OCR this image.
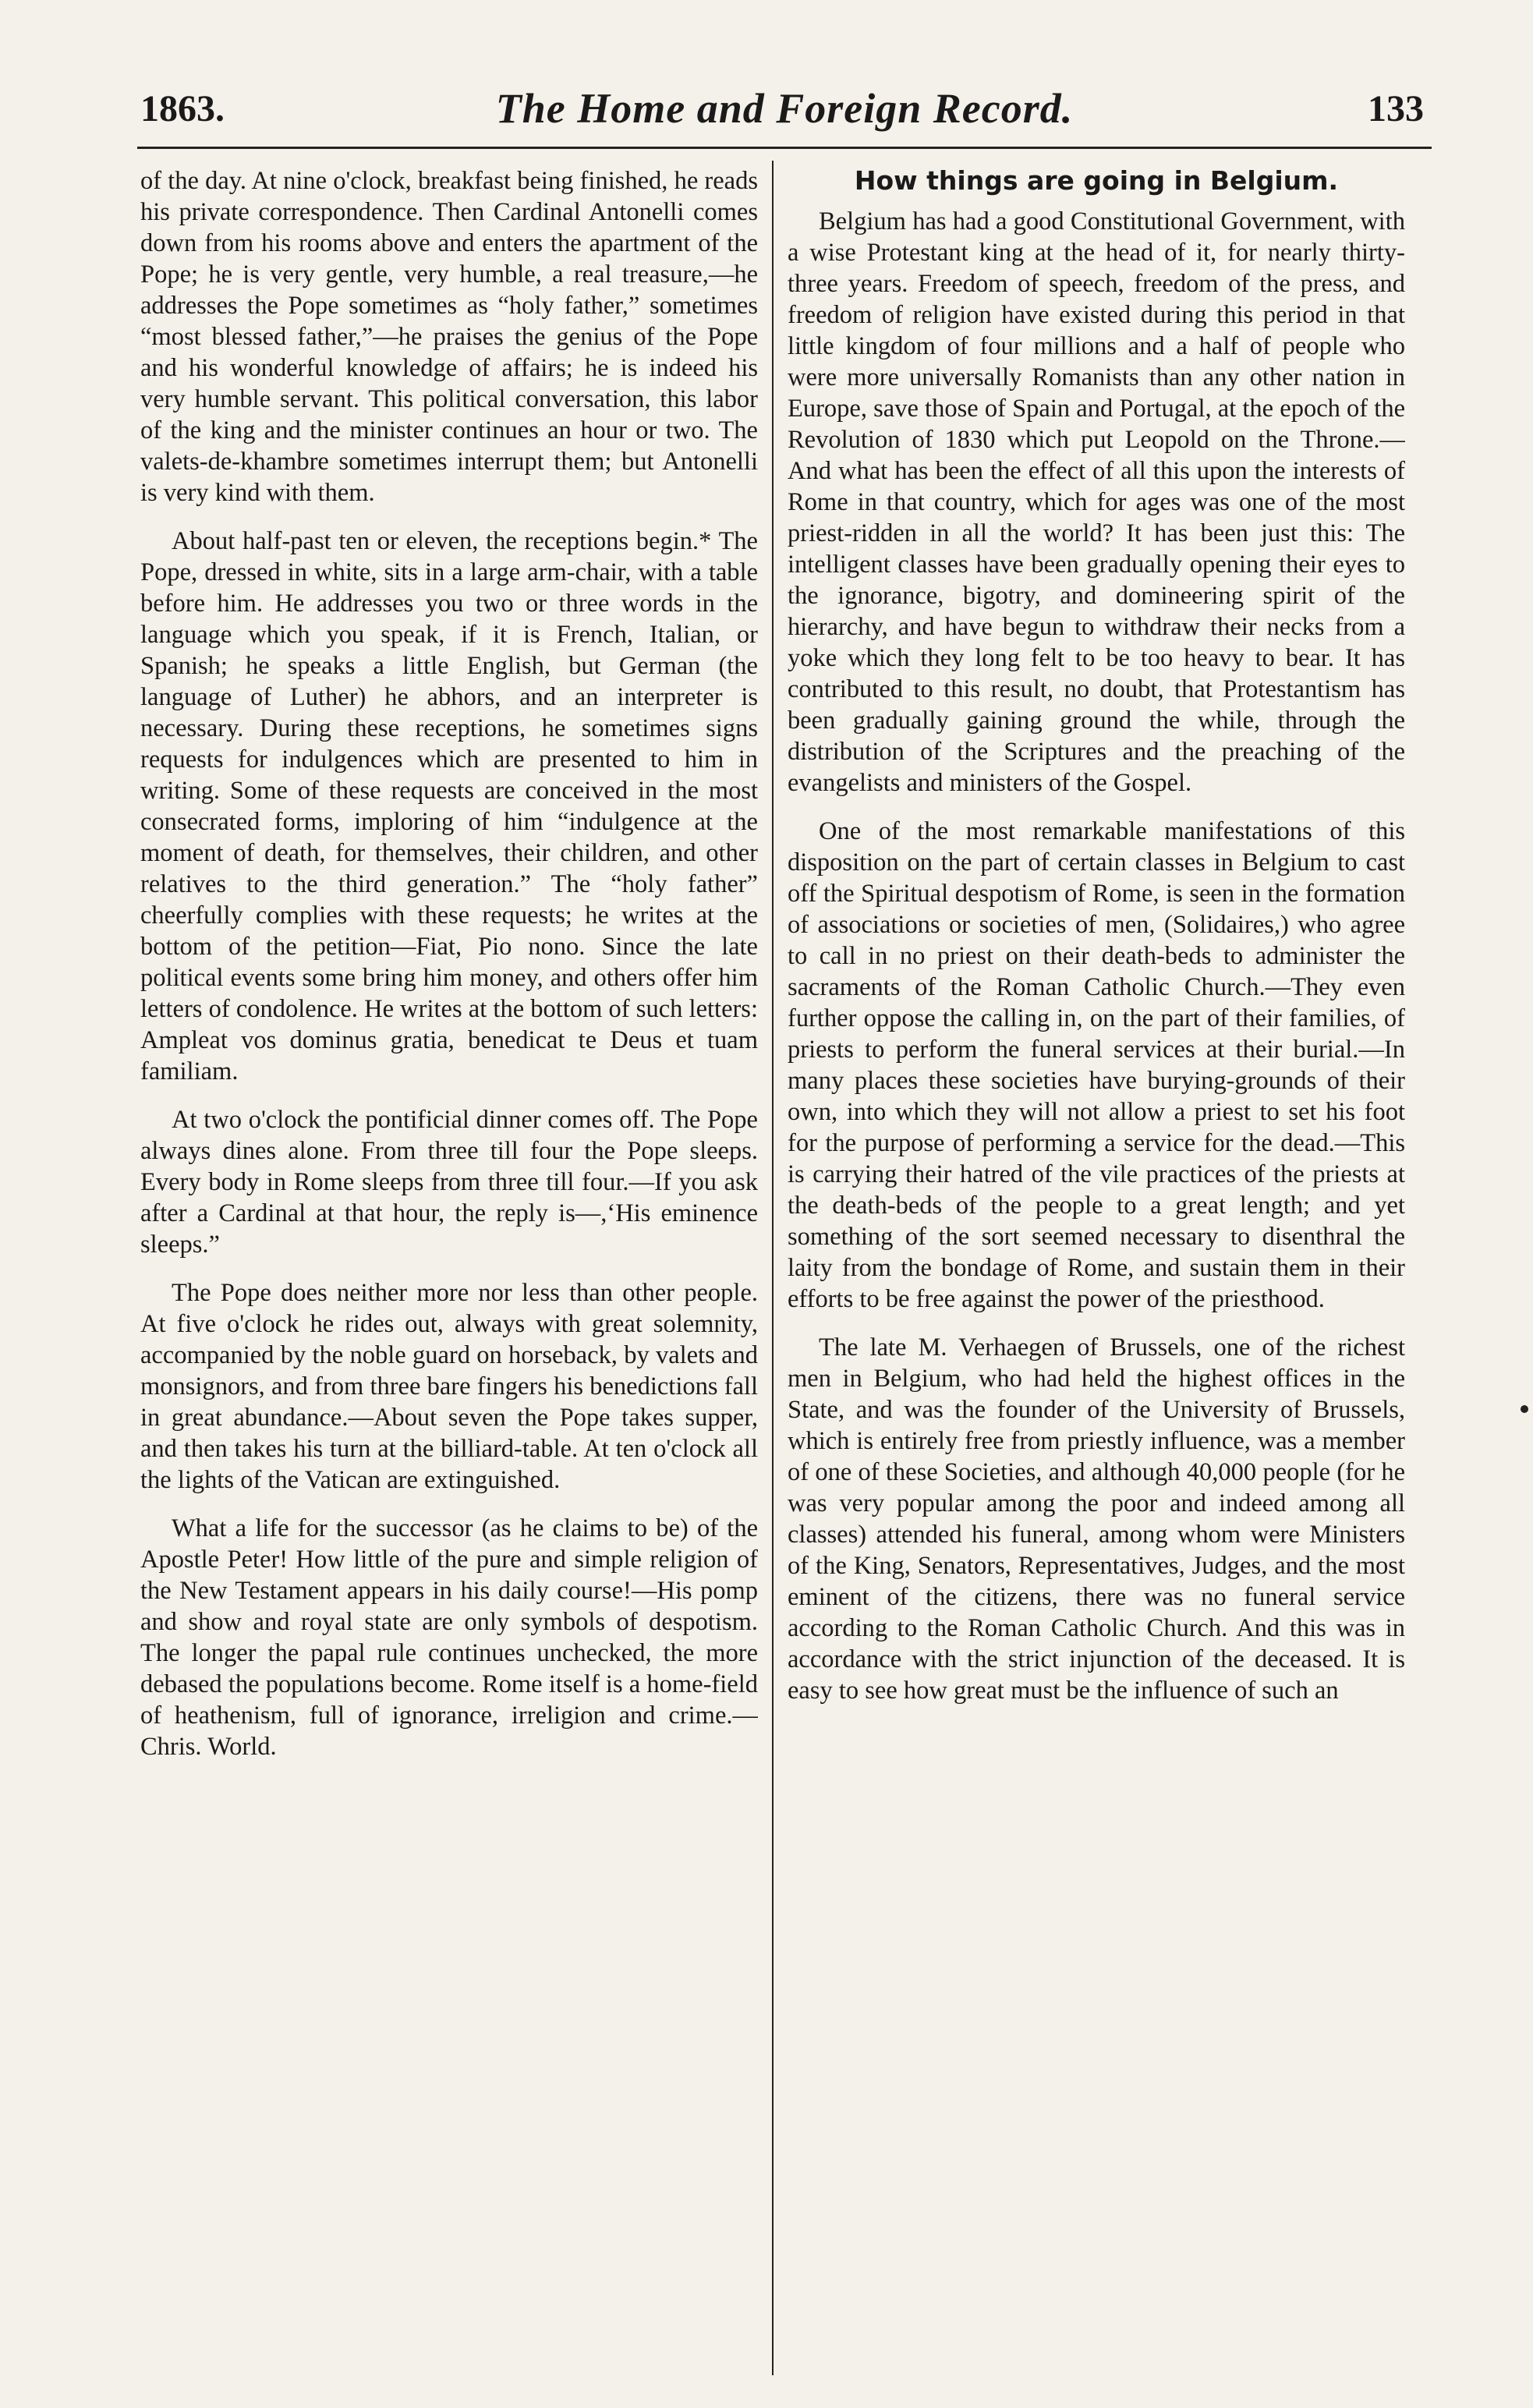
1863.	The Home and Foreign Record.	133

of the day. At nine o'clock, breakfast being finished, he reads his private correspondence. Then Cardinal Antonelli comes down from his rooms above and enters the apartment of the Pope; he is very gentle, very humble, a real treasure,—he addresses the Pope sometimes as “holy father,” sometimes “most blessed father,”—he praises the genius of the Pope and his wonderful knowledge of affairs; he is indeed his very humble servant. This political conversation, this labor of the king and the minister continues an hour or two. The valets-de-khambre sometimes interrupt them; but Antonelli is very kind with them.

About half-past ten or eleven, the receptions begin.* The Pope, dressed in white, sits in a large arm-chair, with a table before him. He addresses you two or three words in the language which you speak, if it is French, Italian, or Spanish; he speaks a little English, but German (the language of Luther) he abhors, and an interpreter is necessary. During these receptions, he sometimes signs requests for indulgences which are presented to him in writing. Some of these requests are conceived in the most consecrated forms, imploring of him “indulgence at the moment of death, for themselves, their children, and other relatives to the third generation.” The “holy father” cheerfully complies with these requests; he writes at the bottom of the petition—Fiat, Pio nono. Since the late political events some bring him money, and others offer him letters of condolence. He writes at the bottom of such letters: Ampleat vos dominus gratia, benedicat te Deus et tuam familiam.

At two o'clock the pontificial dinner comes off. The Pope always dines alone. From three till four the Pope sleeps. Every body in Rome sleeps from three till four.—If you ask after a Cardinal at that hour, the reply is—,‘His eminence sleeps.”

The Pope does neither more nor less than other people. At five o'clock he rides out, always with great solemnity, accompanied by the noble guard on horseback, by valets and monsignors, and from three bare fingers his benedictions fall in great abundance.—About seven the Pope takes supper, and then takes his turn at the billiard-table. At ten o'clock all the lights of the Vatican are extinguished.

What a life for the successor (as he claims to be) of the Apostle Peter! How little of the pure and simple religion of the New Testament appears in his daily course!—His pomp and show and royal state are only symbols of despotism. The longer the papal rule continues unchecked, the more debased the populations become. Rome itself is a home-field of heathenism, full of ignorance, irreligion and crime.—Chris. World.

How things are going in Belgium.

Belgium has had a good Constitutional Government, with a wise Protestant king at the head of it, for nearly thirty-three years. Freedom of speech, freedom of the press, and freedom of religion have existed during this period in that little kingdom of four millions and a half of people who were more universally Romanists than any other nation in Europe, save those of Spain and Portugal, at the epoch of the Revolution of 1830 which put Leopold on the Throne.—And what has been the effect of all this upon the interests of Rome in that country, which for ages was one of the most priest-ridden in all the world? It has been just this: The intelligent classes have been gradually opening their eyes to the ignorance, bigotry, and domineering spirit of the hierarchy, and have begun to withdraw their necks from a yoke which they long felt to be too heavy to bear. It has contributed to this result, no doubt, that Protestantism has been gradually gaining ground the while, through the distribution of the Scriptures and the preaching of the evangelists and ministers of the Gospel.

One of the most remarkable manifestations of this disposition on the part of certain classes in Belgium to cast off the Spiritual despotism of Rome, is seen in the formation of associations or societies of men, (Solidaires,) who agree to call in no priest on their death-beds to administer the sacraments of the Roman Catholic Church.—They even further oppose the calling in, on the part of their families, of priests to perform the funeral services at their burial.—In many places these societies have burying-grounds of their own, into which they will not allow a priest to set his foot for the purpose of performing a service for the dead.—This is carrying their hatred of the vile practices of the priests at the death-beds of the people to a great length; and yet something of the sort seemed necessary to disenthral the laity from the bondage of Rome, and sustain them in their efforts to be free against the power of the priesthood.

The late M. Verhaegen of Brussels, one of the richest men in Belgium, who had held the highest offices in the State, and was the founder of the University of Brussels, which is entirely free from priestly influence, was a member of one of these Societies, and although 40,000 people (for he was very popular among the poor and indeed among all classes) attended his funeral, among whom were Ministers of the King, Senators, Representatives, Judges, and the most eminent of the citizens, there was no funeral service according to the Roman Catholic Church. And this was in accordance with the strict injunction of the deceased. It is easy to see how great must be the influence of such an
